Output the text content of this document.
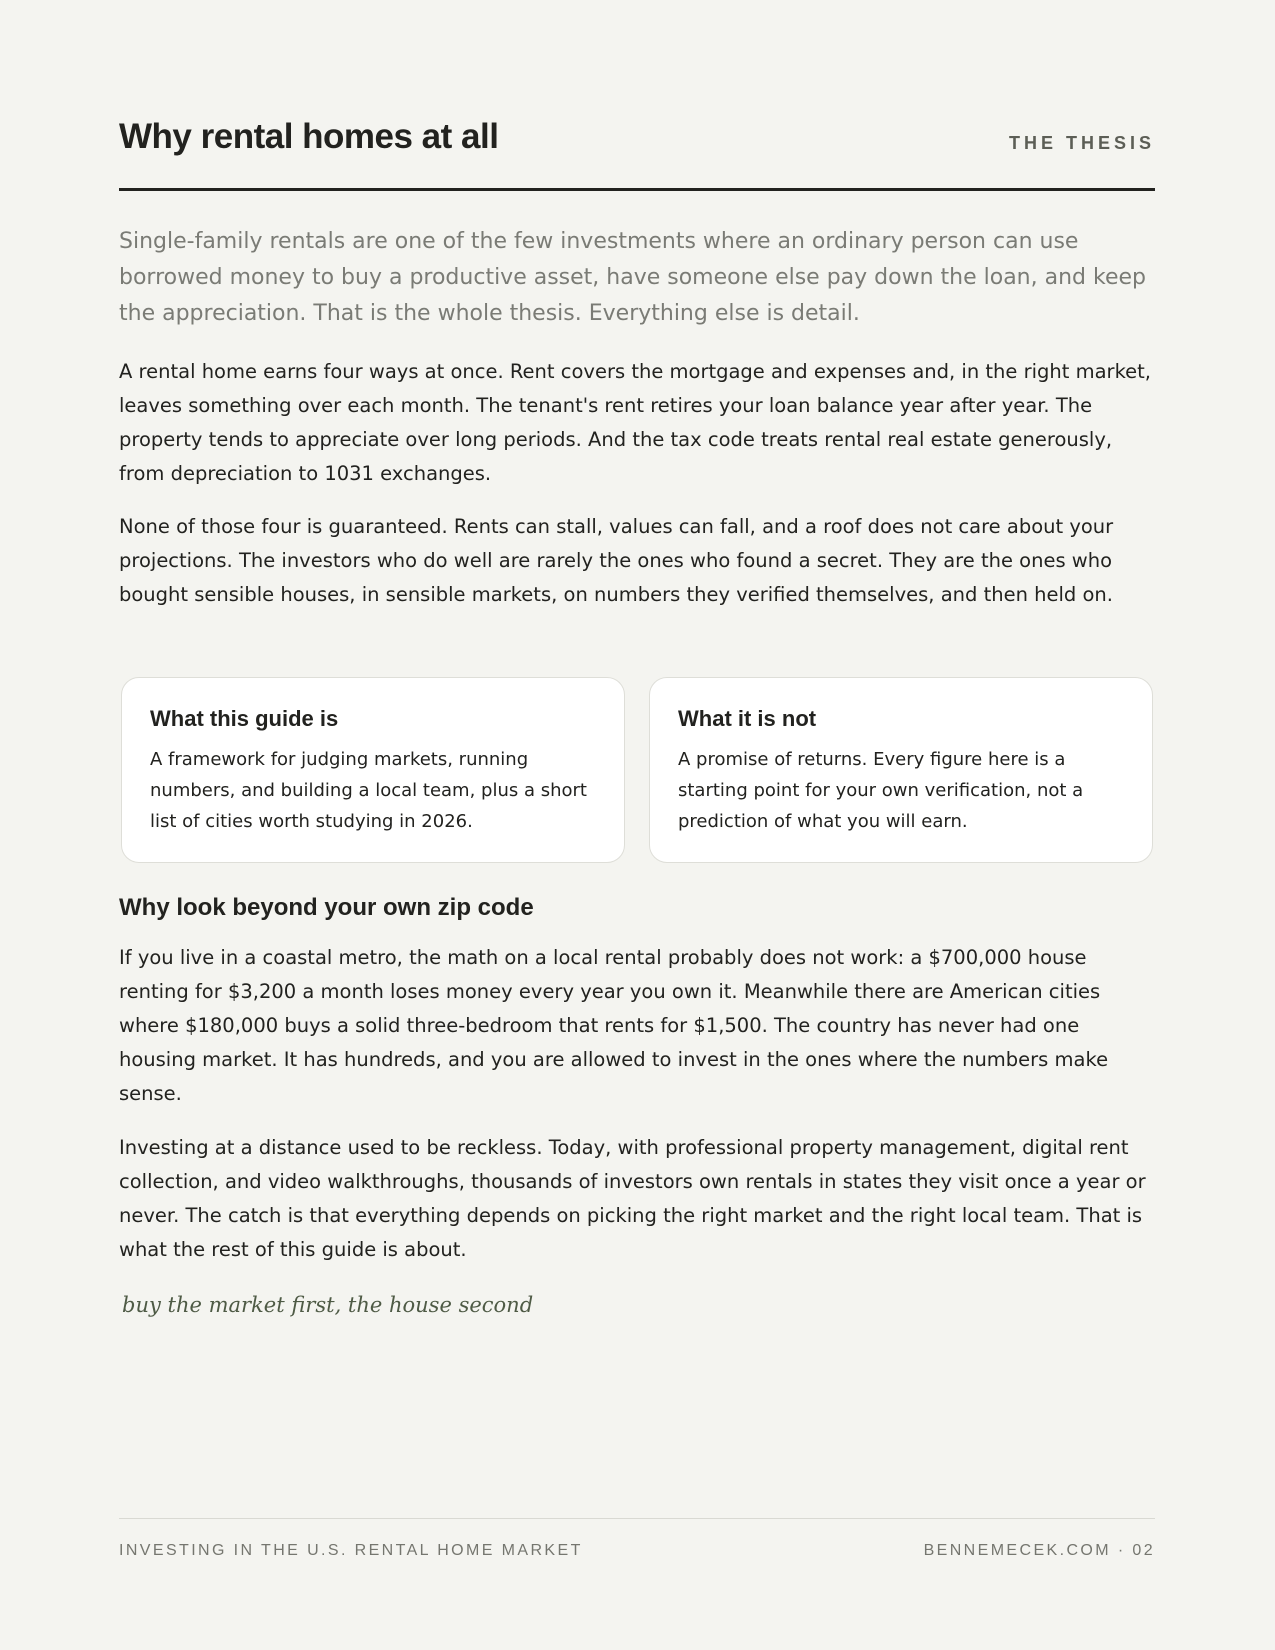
Why rental homes at all	THE THESIS

Single-family rentals are one of the few investments where an ordinary person can use borrowed money to buy a productive asset, have someone else pay down the loan, and keep the appreciation. That is the whole thesis. Everything else is detail.

A rental home earns four ways at once. Rent covers the mortgage and expenses and, in the right market, leaves something over each month. The tenant's rent retires your loan balance year after year. The property tends to appreciate over long periods. And the tax code treats rental real estate generously, from depreciation to 1031 exchanges.

None of those four is guaranteed. Rents can stall, values can fall, and a roof does not care about your projections. The investors who do well are rarely the ones who found a secret. They are the ones who bought sensible houses, in sensible markets, on numbers they verified themselves, and then held on.

What this guide is

A framework for judging markets, running numbers, and building a local team, plus a short list of cities worth studying in 2026.

What it is not

A promise of returns. Every figure here is a starting point for your own verification, not a prediction of what you will earn.

Why look beyond your own zip code

If you live in a coastal metro, the math on a local rental probably does not work: a $700,000 house renting for $3,200 a month loses money every year you own it. Meanwhile there are American cities where $180,000 buys a solid three-bedroom that rents for $1,500. The country has never had one housing market. It has hundreds, and you are allowed to invest in the ones where the numbers make sense.

Investing at a distance used to be reckless. Today, with professional property management, digital rent collection, and video walkthroughs, thousands of investors own rentals in states they visit once a year or never. The catch is that everything depends on picking the right market and the right local team. That is what the rest of this guide is about.

buy the market first, the house second
INVESTING IN THE U.S. RENTAL HOME MARKET	BENNEMECEK.COM · 02
